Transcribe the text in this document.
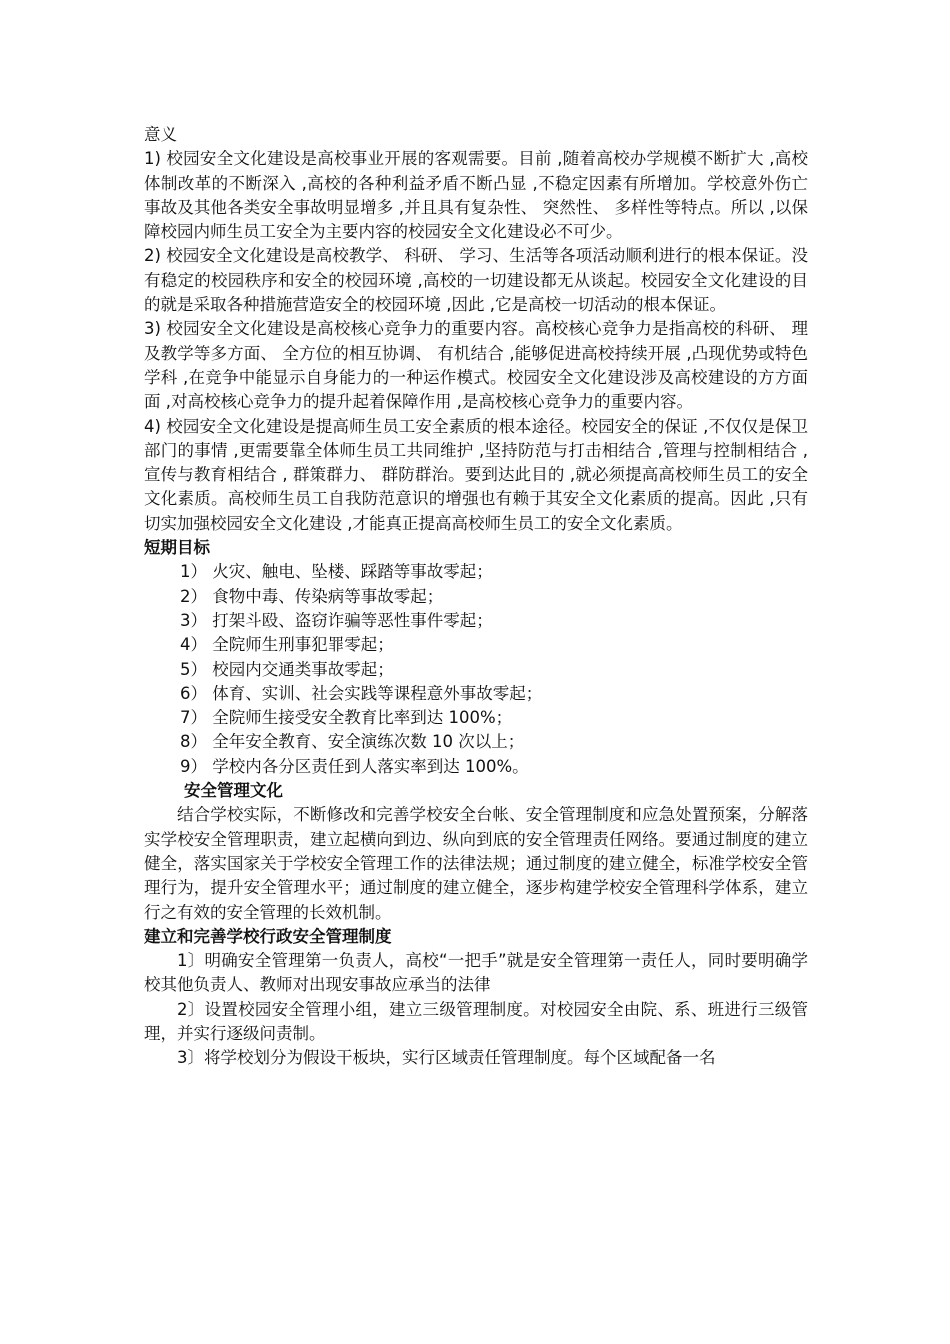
意义

1) 校园安全文化建设是高校事业开展的客观需要。目前 ,随着高校办学规模不断扩大 ,高校体制改革的不断深入 ,高校的各种利益矛盾不断凸显 ,不稳定因素有所增加。学校意外伤亡事故及其他各类安全事故明显增多 ,并且具有复杂性、 突然性、 多样性等特点。所以 ,以保障校园内师生员工安全为主要内容的校园安全文化建设必不可少。

2) 校园安全文化建设是高校教学、 科研、 学习、生活等各项活动顺利进行的根本保证。没有稳定的校园秩序和安全的校园环境 ,高校的一切建设都无从谈起。校园安全文化建设的目的就是采取各种措施营造安全的校园环境 ,因此 ,它是高校一切活动的根本保证。

3) 校园安全文化建设是高校核心竞争力的重要内容。高校核心竞争力是指高校的科研、 理及教学等多方面、 全方位的相互协调、 有机结合 ,能够促进高校持续开展 ,凸现优势或特色学科 ,在竞争中能显示自身能力的一种运作模式。校园安全文化建设涉及高校建设的方方面面 ,对高校核心竞争力的提升起着保障作用 ,是高校核心竞争力的重要内容。

4) 校园安全文化建设是提高师生员工安全素质的根本途径。校园安全的保证 ,不仅仅是保卫部门的事情 ,更需要靠全体师生员工共同维护 ,坚持防范与打击相结合 ,管理与控制相结合 ,宣传与教育相结合 , 群策群力、 群防群治。要到达此目的 ,就必须提高高校师生员工的安全文化素质。高校师生员工自我防范意识的增强也有赖于其安全文化素质的提高。因此 ,只有切实加强校园安全文化建设 ,才能真正提高高校师生员工的安全文化素质。

短期目标

1） 火灾、触电、坠楼、踩踏等事故零起；
2） 食物中毒、传染病等事故零起；
3） 打架斗殴、盗窃诈骗等恶性事件零起；
4） 全院师生刑事犯罪零起；
5） 校园内交通类事故零起；
6） 体育、实训、社会实践等课程意外事故零起；
7） 全院师生接受安全教育比率到达 100%；
8） 全年安全教育、安全演练次数 10 次以上；
9） 学校内各分区责任到人落实率到达 100%。

安全管理文化

结合学校实际，不断修改和完善学校安全台帐、安全管理制度和应急处置预案，分解落实学校安全管理职责，建立起横向到边、纵向到底的安全管理责任网络。要通过制度的建立健全，落实国家关于学校安全管理工作的法律法规；通过制度的建立健全，标准学校安全管理行为，提升安全管理水平；通过制度的建立健全，逐步构建学校安全管理科学体系，建立行之有效的安全管理的长效机制。

建立和完善学校行政安全管理制度

1〕明确安全管理第一负责人，高校“一把手”就是安全管理第一责任人，同时要明确学校其他负责人、教师对出现安事故应承当的法律

2〕设置校园安全管理小组，建立三级管理制度。对校园安全由院、系、班进行三级管理，并实行逐级问责制。

3〕将学校划分为假设干板块，实行区域责任管理制度。每个区域配备一名
